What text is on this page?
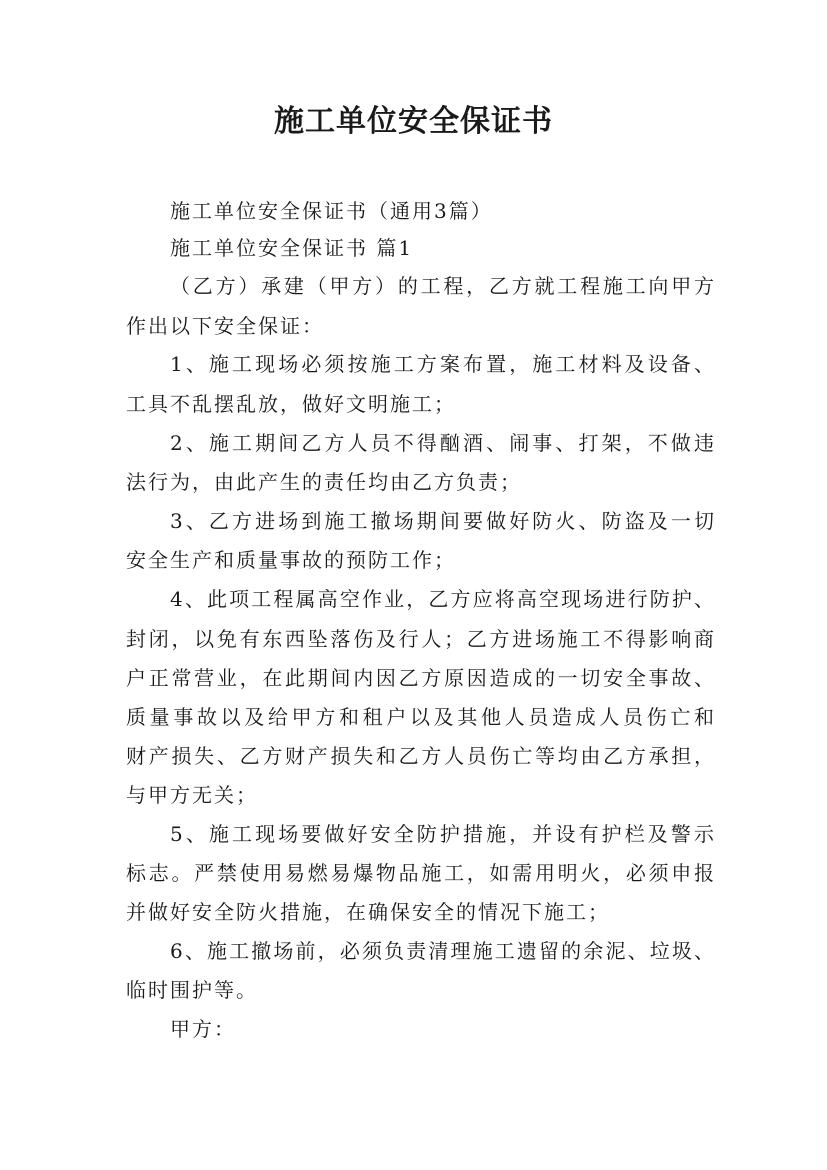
施工单位安全保证书
施工单位安全保证书（通用3篇）
施工单位安全保证书 篇1
（乙方）承建（甲方）的工程，乙方就工程施工向甲方
作出以下安全保证：
1、施工现场必须按施工方案布置，施工材料及设备、
工具不乱摆乱放，做好文明施工；
2、施工期间乙方人员不得酗酒、闹事、打架，不做违
法行为，由此产生的责任均由乙方负责；
3、乙方进场到施工撤场期间要做好防火、防盗及一切
安全生产和质量事故的预防工作；
4、此项工程属高空作业，乙方应将高空现场进行防护、
封闭，以免有东西坠落伤及行人；乙方进场施工不得影响商
户正常营业，在此期间内因乙方原因造成的一切安全事故、
质量事故以及给甲方和租户以及其他人员造成人员伤亡和
财产损失、乙方财产损失和乙方人员伤亡等均由乙方承担，
与甲方无关；
5、施工现场要做好安全防护措施，并设有护栏及警示
标志。严禁使用易燃易爆物品施工，如需用明火，必须申报
并做好安全防火措施，在确保安全的情况下施工；
6、施工撤场前，必须负责清理施工遗留的余泥、垃圾、
临时围护等。
甲方：
